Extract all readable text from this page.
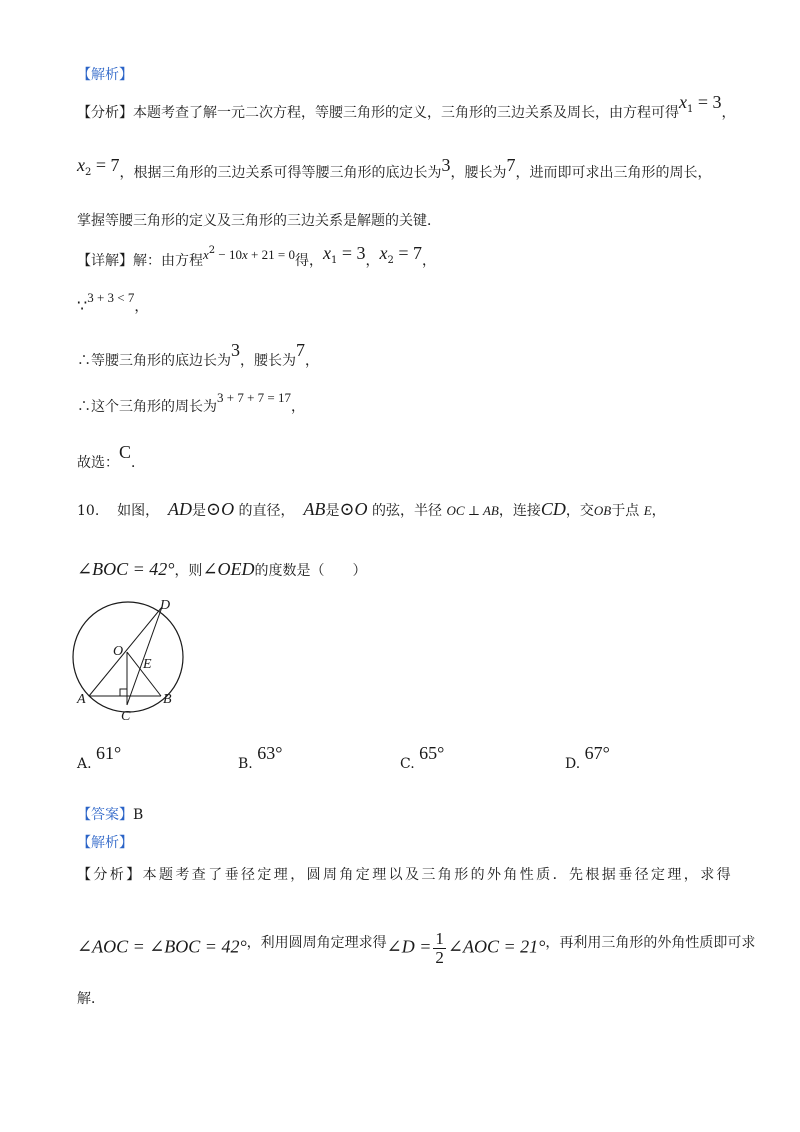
【解析】
【分析】本题考查了解一元二次方程，等腰三角形的定义，三角形的三边关系及周长，由方程可得$x_1 = 3$，
$x_2 = 7$，根据三角形的三边关系可得等腰三角形的底边长为3，腰长为7，进而即可求出三角形的周长，
掌握等腰三角形的定义及三角形的三边关系是解题的关键．
【详解】解：由方程$x^2 - 10x + 21 = 0$得，$x_1 = 3$，$x_2 = 7$，
∵3 + 3 < 7，
∴等腰三角形的底边长为3，腰长为7，
∴这个三角形的周长为3 + 7 + 7 = 17，
故选：C．
10. 如图， AD是⊙O 的直径， AB是⊙O 的弦，半径 OC ⊥ AB，连接CD，交OB于点 E，
∠BOC = 42°，则∠OED的度数是（　　）
D
O
E
A	B
C
A. 61°
B. 63°
C. 65°
D. 67°
【答案】B
【解析】
【分析】本题考查了垂径定理，圆周角定理以及三角形的外角性质．先根据垂径定理，求得
∠AOC = ∠BOC = 42°，利用圆周角定理求得∠D = $\frac{1}{2}$ ∠AOC = 21°，再利用三角形的外角性质即可求
解．
